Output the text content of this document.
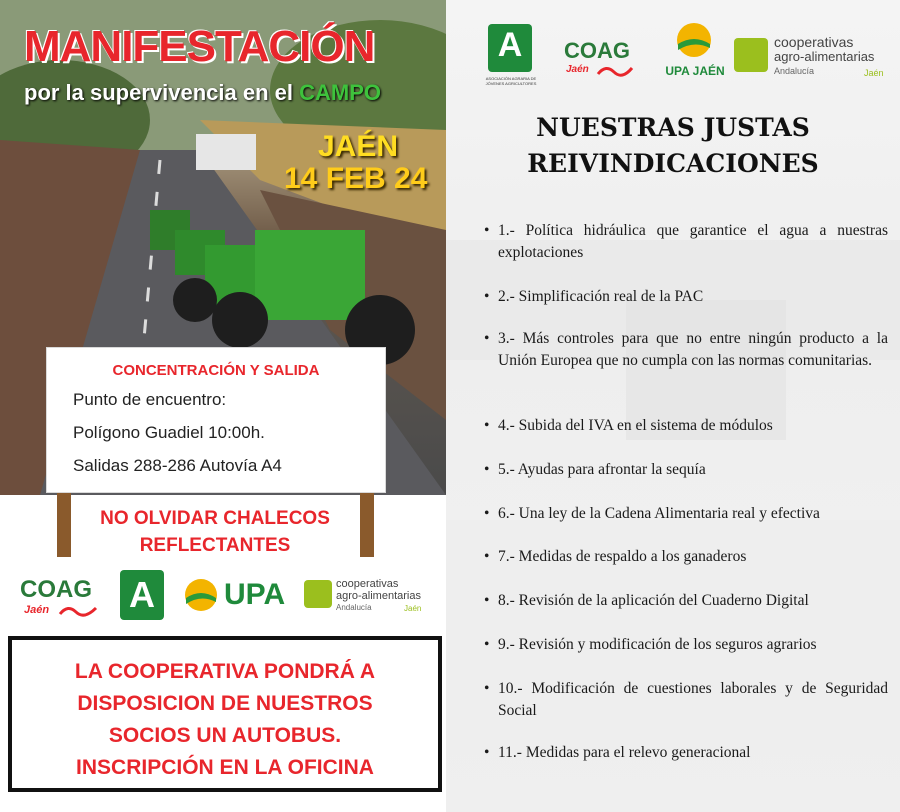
MANIFESTACIÓN
por la supervivencia en el CAMPO
JAÉN
14 FEB 24
CONCENTRACIÓN Y SALIDA
Punto de encuentro:
Polígono Guadiel 10:00h.
Salidas 288-286 Autovía A4
NO OLVIDAR CHALECOS
REFLECTANTES
COAG
Jaén A	UPA	cooperativas
agro-alimentarias
Andalucía	Jaén
LA COOPERATIVA PONDRÁ A
DISPOSICION DE NUESTROS
SOCIOS UN AUTOBUS.
INSCRIPCIÓN EN LA OFICINA
A
ASOCIACIÓN AGRARIA DE JÓVENES AGRICULTORES
COAG
Jaén	UPA JAÉN
cooperativas
agro-alimentarias
Andalucía	Jaén
NUESTRAS JUSTAS
REIVINDICACIONES
• 1.- Política hidráulica que garantice el agua a nuestras explotaciones
• 2.- Simplificación real de la PAC
• 3.- Más controles para que no entre ningún producto a la Unión Europea que no cumpla con las normas comunitarias.
• 4.- Subida del IVA en el sistema de módulos
• 5.- Ayudas para afrontar la sequía
• 6.- Una ley de la Cadena Alimentaria real y efectiva
• 7.- Medidas de respaldo a los ganaderos
• 8.- Revisión de la aplicación del Cuaderno Digital
• 9.- Revisión y modificación de los seguros agrarios
• 10.- Modificación de cuestiones laborales y de Seguridad Social
• 11.- Medidas para el relevo generacional
